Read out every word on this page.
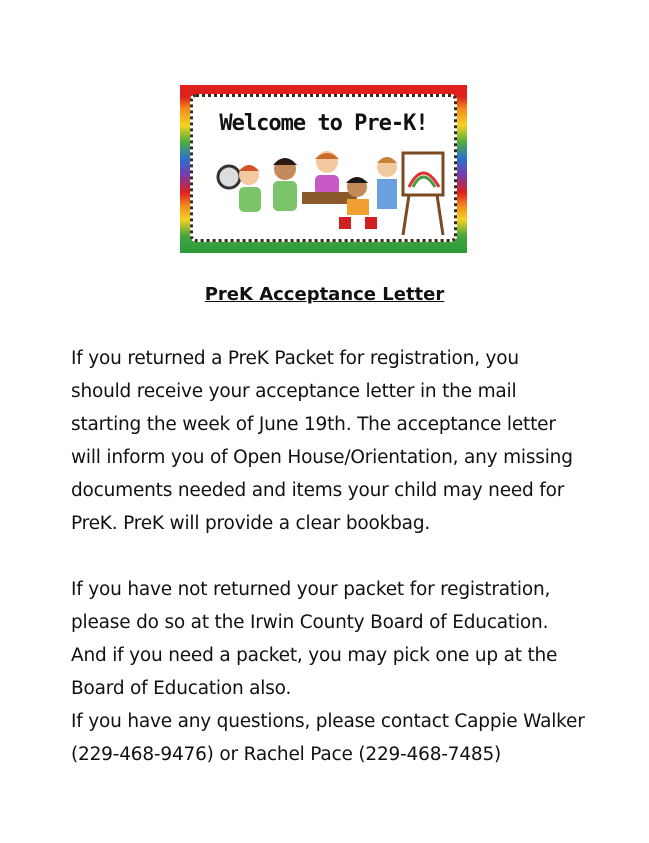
Welcome to Pre-K!
PreK Acceptance Letter
If you returned a PreK Packet for registration, you
should receive your acceptance letter in the mail
starting the week of June 19th. The acceptance letter
will inform you of Open House/Orientation, any missing
documents needed and items your child may need for
PreK. PreK will provide a clear bookbag.
If you have not returned your packet for registration,
please do so at the Irwin County Board of Education.
And if you need a packet, you may pick one up at the
Board of Education also.
If you have any questions, please contact Cappie Walker
(229-468-9476) or Rachel Pace (229-468-7485)
